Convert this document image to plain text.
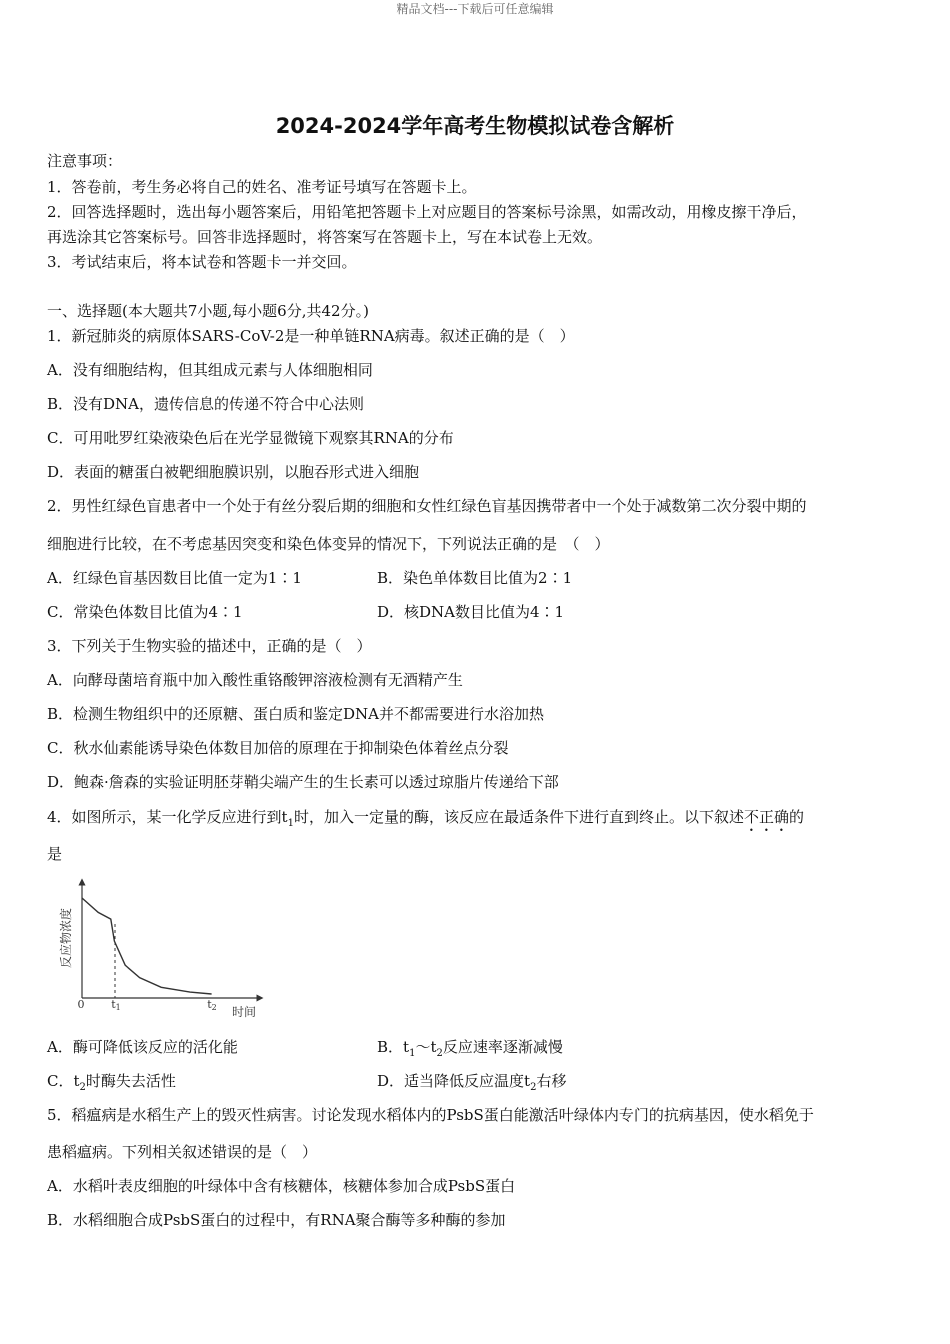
精品文档---下载后可任意编辑
2024-2024学年高考生物模拟试卷含解析
注意事项：
1．答卷前，考生务必将自己的姓名、准考证号填写在答题卡上。
2．回答选择题时，选出每小题答案后，用铅笔把答题卡上对应题目的答案标号涂黑，如需改动，用橡皮擦干净后，
再选涂其它答案标号。回答非选择题时，将答案写在答题卡上，写在本试卷上无效。
3．考试结束后，将本试卷和答题卡一并交回。
一、选择题(本大题共7小题,每小题6分,共42分。)
1．新冠肺炎的病原体SARS-CoV-2是一种单链RNA病毒。叙述正确的是（　）
A．没有细胞结构，但其组成元素与人体细胞相同
B．没有DNA，遗传信息的传递不符合中心法则
C．可用吡罗红染液染色后在光学显微镜下观察其RNA的分布
D．表面的糖蛋白被靶细胞膜识别，以胞吞形式进入细胞
2．男性红绿色盲患者中一个处于有丝分裂后期的细胞和女性红绿色盲基因携带者中一个处于减数第二次分裂中期的
细胞进行比较，在不考虑基因突变和染色体变异的情况下，下列说法正确的是　（　）
A．红绿色盲基因数目比值一定为1∶1	B．染色单体数目比值为2∶1
C．常染色体数目比值为4∶1	D．核DNA数目比值为4∶1
3．下列关于生物实验的描述中，正确的是（　）
A．向酵母菌培育瓶中加入酸性重铬酸钾溶液检测有无酒精产生
B．检测生物组织中的还原糖、蛋白质和鉴定DNA并不都需要进行水浴加热
C．秋水仙素能诱导染色体数目加倍的原理在于抑制染色体着丝点分裂
D．鲍森·詹森的实验证明胚芽鞘尖端产生的生长素可以透过琼脂片传递给下部
4．如图所示，某一化学反应进行到$t_1$时，加入一定量的酶，该反应在最适条件下进行直到终止。以下叙述不正确的
是
反应物浓度
时间
0 t1	t2
A．酶可降低该反应的活化能	B．$t_1\sim t_2$反应速率逐渐减慢
C．$t_2$时酶失去活性	D．适当降低反应温度$t_2$右移
5．稻瘟病是水稻生产上的毁灭性病害。讨论发现水稻体内的PsbS蛋白能激活叶绿体内专门的抗病基因，使水稻免于
患稻瘟病。下列相关叙述错误的是（　）
A．水稻叶表皮细胞的叶绿体中含有核糖体，核糖体参加合成PsbS蛋白
B．水稻细胞合成PsbS蛋白的过程中，有RNA聚合酶等多种酶的参加
